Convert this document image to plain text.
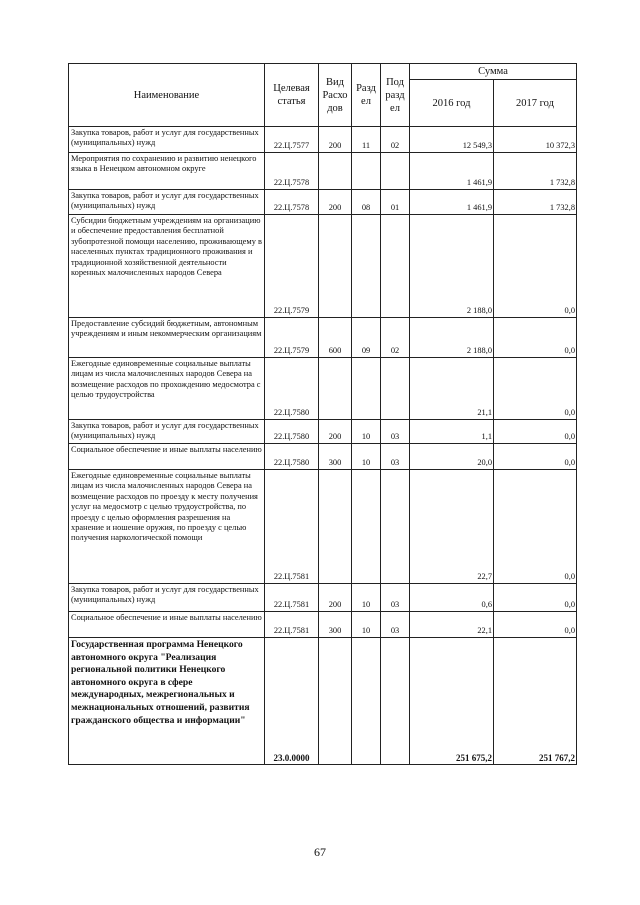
Наименование	Целевая статья	Вид Расхо дов	Разд ел	Под разд ел	Сумма	
					2016 год	2017 год
Закупка товаров, работ и услуг для государственных (муниципальных) нужд	22.Ц.7577	200	11	02	12 549,3	10 372,3
Мероприятия по сохранению и развитию ненецкого языка в Ненецком автономном округе	22.Ц.7578				1 461,9	1 732,8
Закупка товаров, работ и услуг для государственных (муниципальных) нужд	22.Ц.7578	200	08	01	1 461,9	1 732,8
Субсидии бюджетным учреждениям на организацию и обеспечение предоставления бесплатной зубопротезной помощи населению, проживающему в населенных пунктах традиционного проживания и традиционной хозяйственной деятельности коренных малочисленных народов Севера	22.Ц.7579				2 188,0	0,0
Предоставление субсидий бюджетным, автономным учреждениям и иным некоммерческим организациям	22.Ц.7579	600	09	02	2 188,0	0,0
Ежегодные единовременные социальные выплаты лицам из числа малочисленных народов Севера на возмещение расходов по прохождению медосмотра с целью трудоустройства	22.Ц.7580				21,1	0,0
Закупка товаров, работ и услуг для государственных (муниципальных) нужд	22.Ц.7580	200	10	03	1,1	0,0
Социальное обеспечение и иные выплаты населению	22.Ц.7580	300	10	03	20,0	0,0
Ежегодные единовременные социальные выплаты лицам из числа малочисленных народов Севера на возмещение расходов по проезду к месту получения услуг на медосмотр с целью трудоустройства, по проезду с целью оформления разрешения на хранение и ношение оружия, по проезду с целью получения наркологической помощи	22.Ц.7581				22,7	0,0
Закупка товаров, работ и услуг для государственных (муниципальных) нужд	22.Ц.7581	200	10	03	0,6	0,0
Социальное обеспечение и иные выплаты населению	22.Ц.7581	300	10	03	22,1	0,0
Государственная программа Ненецкого автономного округа "Реализация региональной политики Ненецкого автономного округа в сфере международных, межрегиональных и межнациональных отношений, развития гражданского общества и информации"	23.0.0000				251 675,2	251 767,2
67
